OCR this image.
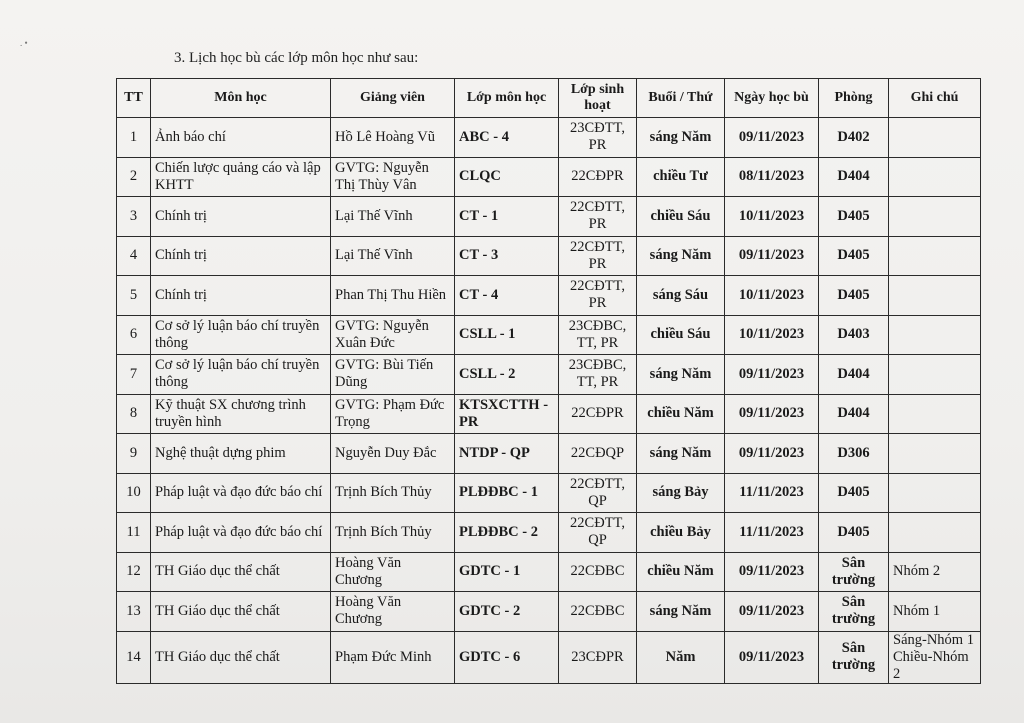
. •
3. Lịch học bù các lớp môn học như sau:
TT	Môn học	Giảng viên	Lớp môn học	Lớp sinh hoạt	Buổi / Thứ	Ngày học bù	Phòng	Ghi chú
1	Ảnh báo chí	Hồ Lê Hoàng Vũ	ABC - 4	23CĐTT, PR	sáng Năm	09/11/2023	D402	
2	Chiến lược quảng cáo và lập KHTT	GVTG: Nguyễn Thị Thùy Vân	CLQC	22CĐPR	chiều Tư	08/11/2023	D404	
3	Chính trị	Lại Thế Vĩnh	CT - 1	22CĐTT, PR	chiều Sáu	10/11/2023	D405	
4	Chính trị	Lại Thế Vĩnh	CT - 3	22CĐTT, PR	sáng Năm	09/11/2023	D405	
5	Chính trị	Phan Thị Thu Hiền	CT - 4	22CĐTT, PR	sáng Sáu	10/11/2023	D405	
6	Cơ sở lý luận báo chí truyền thông	GVTG: Nguyễn Xuân Đức	CSLL - 1	23CĐBC, TT, PR	chiều Sáu	10/11/2023	D403	
7	Cơ sở lý luận báo chí truyền thông	GVTG: Bùi Tiến Dũng	CSLL - 2	23CĐBC, TT, PR	sáng Năm	09/11/2023	D404	
8	Kỹ thuật SX chương trình truyền hình	GVTG: Phạm Đức Trọng	KTSXCTTH -PR	22CĐPR	chiều Năm	09/11/2023	D404	
9	Nghệ thuật dựng phim	Nguyễn Duy Đắc	NTDP - QP	22CĐQP	sáng Năm	09/11/2023	D306	
10	Pháp luật và đạo đức báo chí	Trịnh Bích Thủy	PLĐĐBC - 1	22CĐTT, QP	sáng Bảy	11/11/2023	D405	
11	Pháp luật và đạo đức báo chí	Trịnh Bích Thủy	PLĐĐBC - 2	22CĐTT, QP	chiều Bảy	11/11/2023	D405	
12	TH Giáo dục thể chất	Hoàng Văn Chương	GDTC - 1	22CĐBC	chiều Năm	09/11/2023	Sân trường	Nhóm 2
13	TH Giáo dục thể chất	Hoàng Văn Chương	GDTC - 2	22CĐBC	sáng Năm	09/11/2023	Sân trường	Nhóm 1
14	TH Giáo dục thể chất	Phạm Đức Minh	GDTC - 6	23CĐPR	Năm	09/11/2023	Sân trường	Sáng-Nhóm 1 Chiều-Nhóm 2
